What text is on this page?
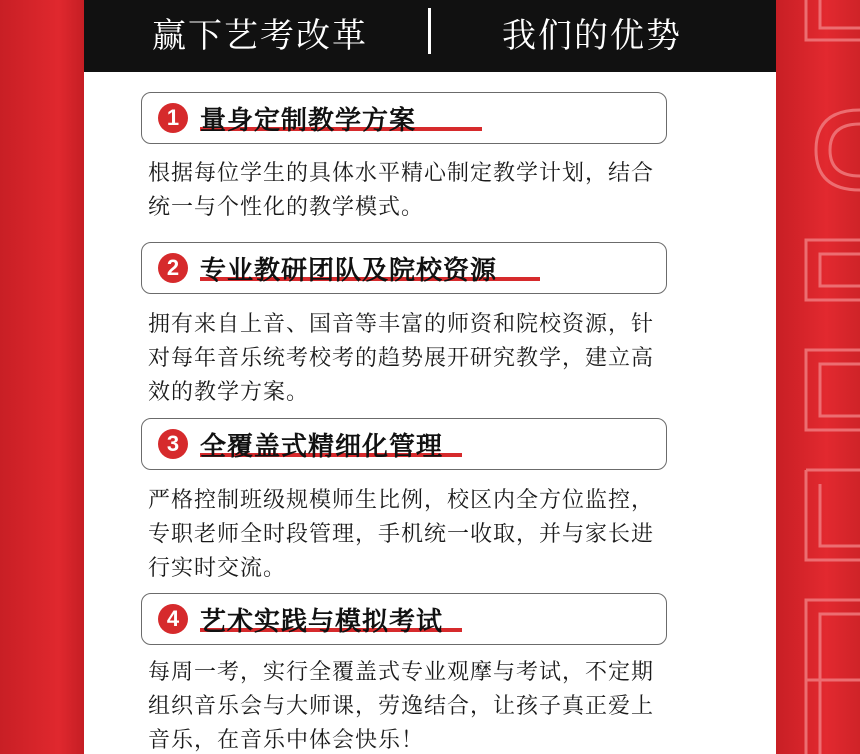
赢下艺考改革	我们的优势
1 量身定制教学方案
根据每位学生的具体水平精心制定教学计划，结合
统一与个性化的教学模式。
2 专业教研团队及院校资源
拥有来自上音、国音等丰富的师资和院校资源，针
对每年音乐统考校考的趋势展开研究教学，建立高
效的教学方案。
3 全覆盖式精细化管理
严格控制班级规模师生比例，校区内全方位监控，
专职老师全时段管理，手机统一收取，并与家长进
行实时交流。
4 艺术实践与模拟考试
每周一考，实行全覆盖式专业观摩与考试，不定期
组织音乐会与大师课，劳逸结合，让孩子真正爱上
音乐，在音乐中体会快乐！
